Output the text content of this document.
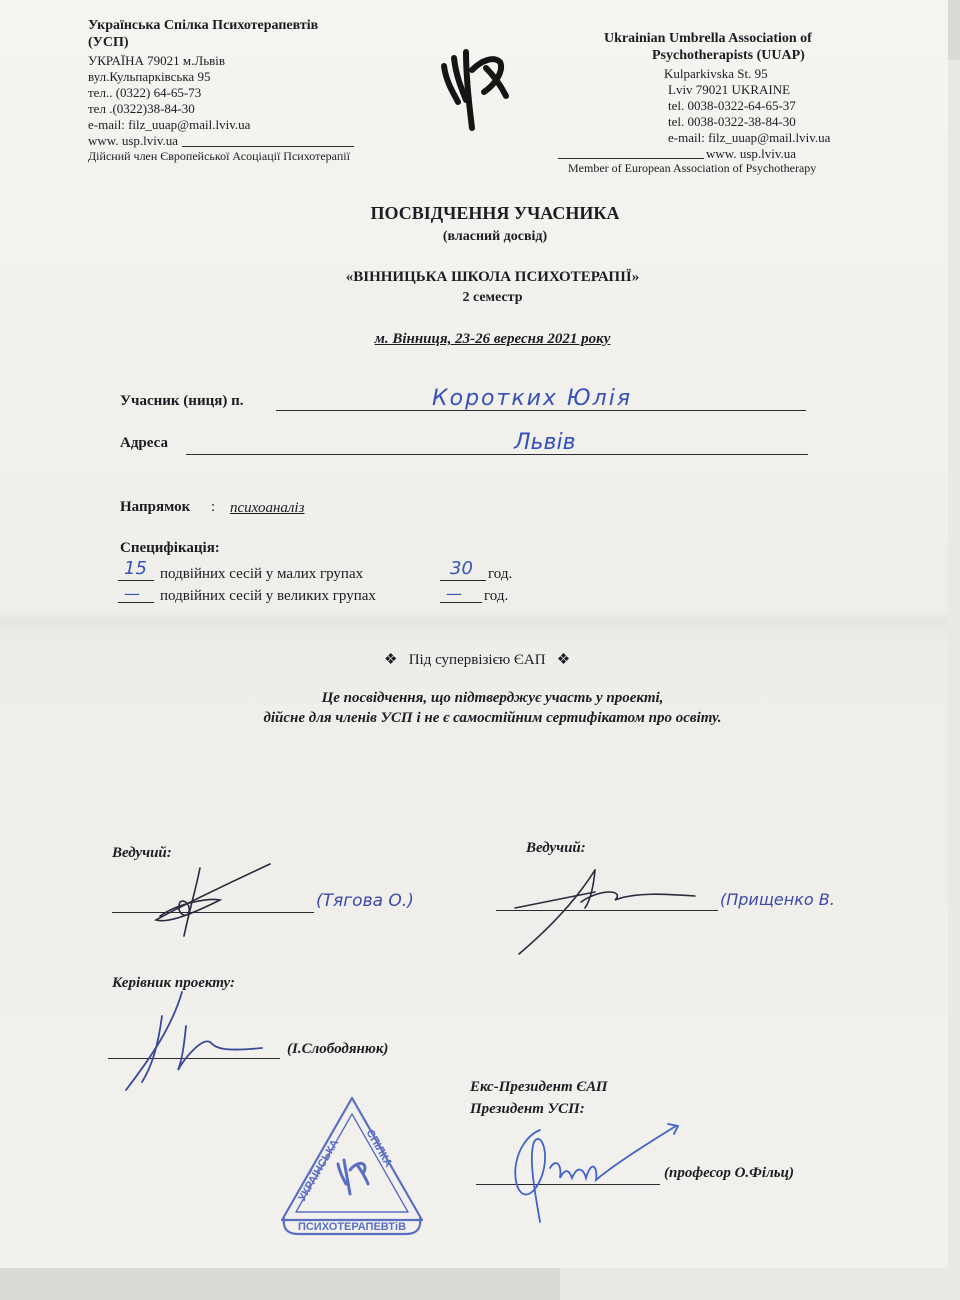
Українська Спілка Психотерапевтів
(УСП)
УКРАЇНА 79021 м.Львів
вул.Кульпарківська 95
тел.. (0322) 64-65-73
тел .(0322)38-84-30
e-mail: filz_uuap@mail.lviv.ua
www. usp.lviv.ua
Дійсний член Європейської Асоціації Психотерапії
Ukrainian Umbrella Association of
Psychotherapists (UUAP)
Kulparkivska St. 95
Lviv 79021 UKRAINE
tel. 0038-0322-64-65-37
tel. 0038-0322-38-84-30
e-mail: filz_uuap@mail.lviv.ua
www. usp.lviv.ua
Member of European Association of Psychotherapy
ПОСВІДЧЕННЯ УЧАСНИКА
(власний досвід)
«ВІННИЦЬКА ШКОЛА ПСИХОТЕРАПІЇ»
2 семестр
м. Вінниця, 23-26 вересня 2021 року
Учасник (ниця) п.	Коротких Юлія
Адреса	Львів
Напрямок : психоаналіз
Специфікація:
15 подвійних сесій у малих групах	30 год.
— подвійних сесій у великих групах	— год.
❖ Під супервізією ЄАП ❖
Це посвідчення, що підтверджує участь у проекті,
дійсне для членів УСП і не є самостійним сертифікатом про освіту.
Ведучий:	Ведучий:
(Тягова О.)	(Прищенко В.
Керівник проекту:
(І.Слободянюк)
Екс-Президент ЄАП
Президент УСП:
(професор О.Фільц)
УКРАЇНСЬКА СПІЛКА
ПСИХОТЕРАПЕВТіВ
